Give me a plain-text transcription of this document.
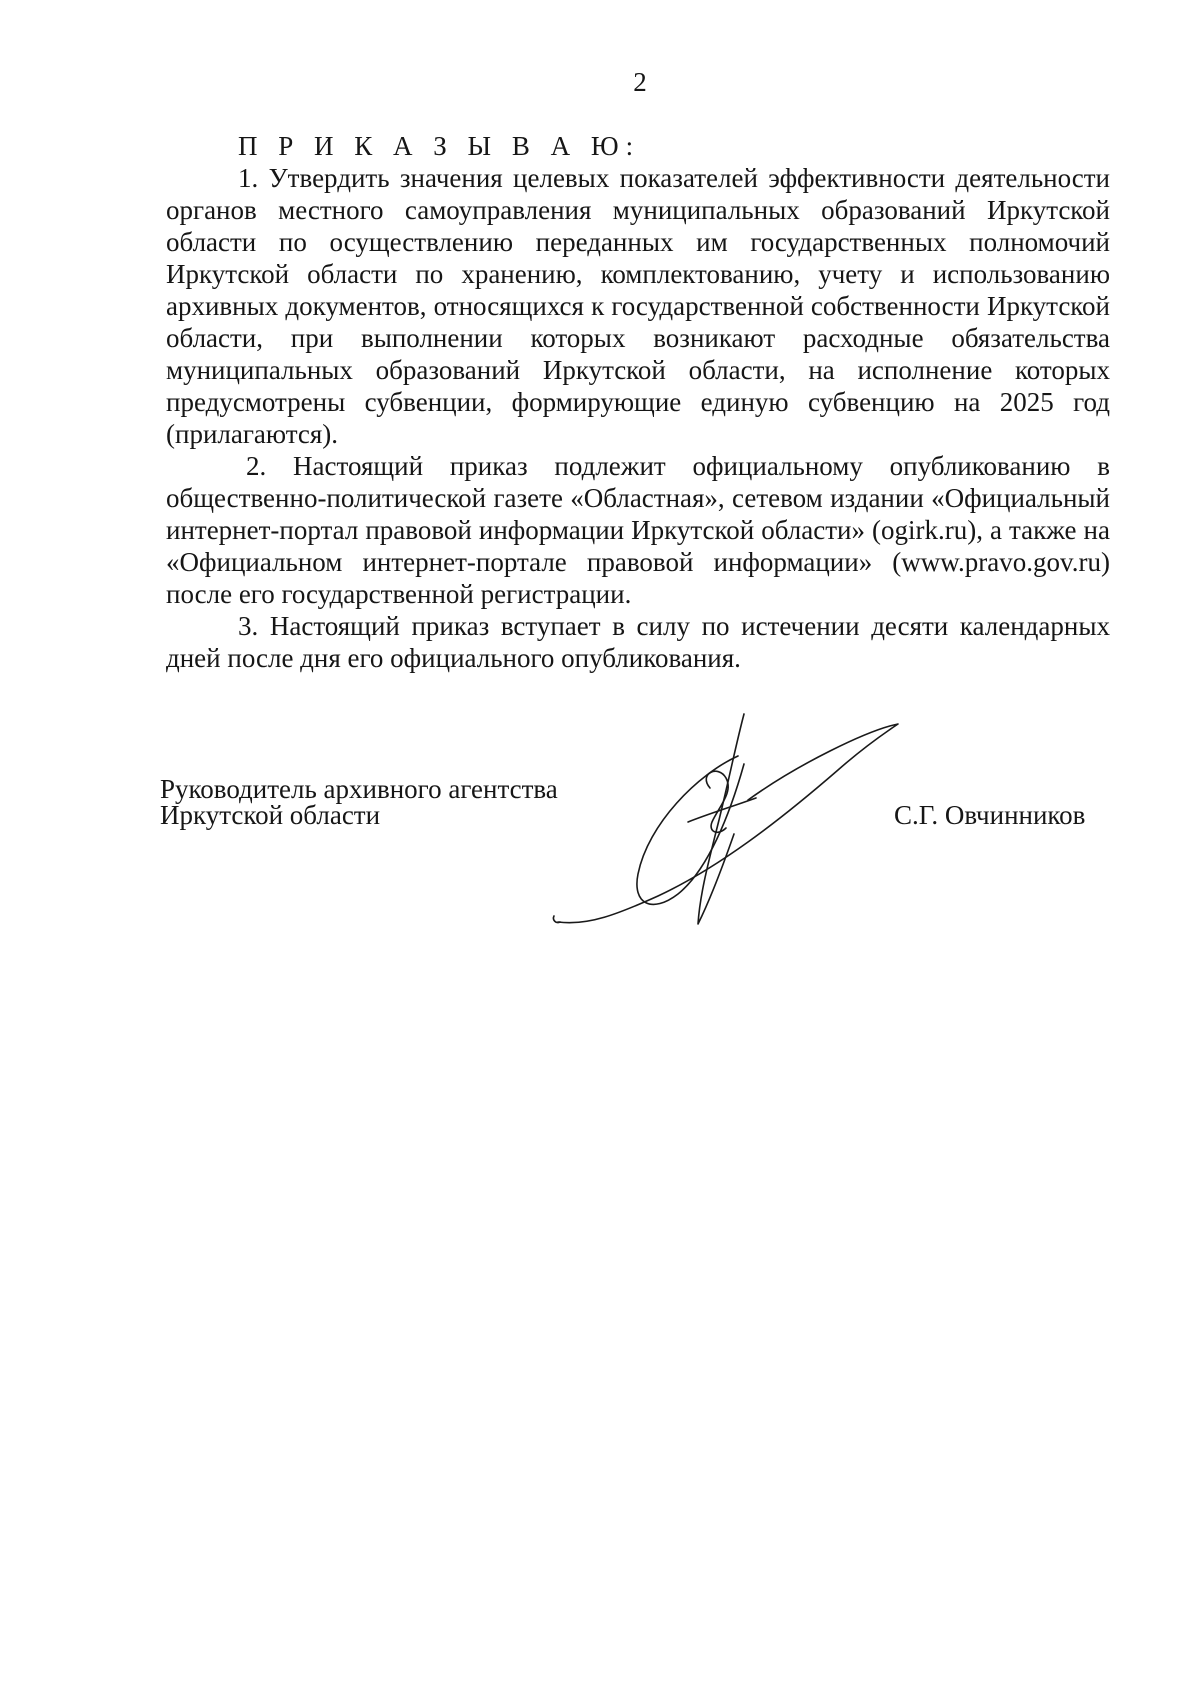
2

П Р И К А З Ы В А Ю:

1. Утвердить значения целевых показателей эффективности деятельности органов местного самоуправления муниципальных образований Иркутской области по осуществлению переданных им государственных полномочий Иркутской области по хранению, комплектованию, учету и использованию архивных документов, относящихся к государственной собственности Иркутской области, при выполнении которых возникают расходные обязательства муниципальных образований Иркутской области, на исполнение которых предусмотрены субвенции, формирующие единую субвенцию на 2025 год (прилагаются).

2. Настоящий приказ подлежит официальному опубликованию в общественно-политической газете «Областная», сетевом издании «Официальный интернет-портал правовой информации Иркутской области» (ogirk.ru), а также на «Официальном интернет-портале правовой информации» (www.pravo.gov.ru) после его государственной регистрации.

3. Настоящий приказ вступает в силу по истечении десяти календарных дней после дня его официального опубликования.

Руководитель архивного агентства
Иркутской области	С.Г. Овчинников
